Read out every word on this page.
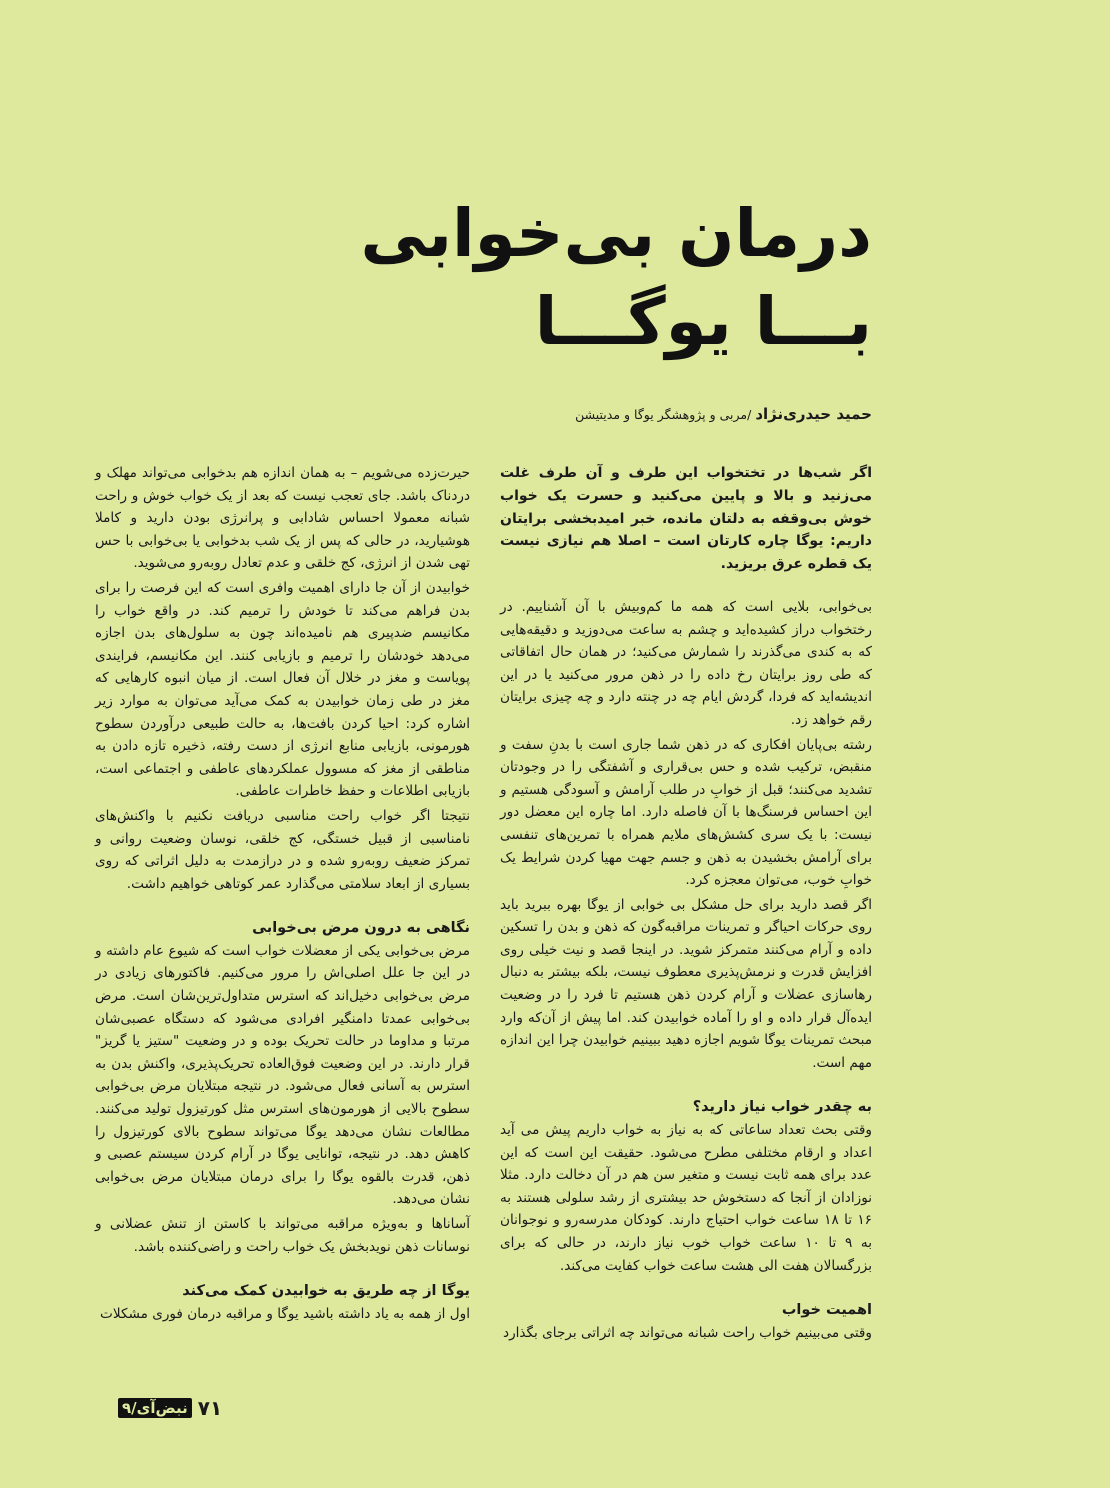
درمان بی‌خوابی
بـــا یوگـــا
حمید حیدری‌نژاد /مربی و پژوهشگر یوگا و مدیتیشن

اگر شب‌ها در تختخواب این طرف و آن طرف غلت می‌زنید و بالا و پایین می‌کنید و حسرت یک خواب خوش بی‌وقفه به دلتان مانده، خبر امیدبخشی برایتان داریم: یوگا چاره کارتان است – اصلا هم نیازی نیست یک قطره عرق بریزید.

بی‌خوابی، بلایی است که همه ما کم‌وبیش با آن آشناییم. در رختخواب دراز کشیده‌اید و چشم به ساعت می‌دوزید و دقیقه‌هایی که به کندی می‌گذرند را شمارش می‌کنید؛ در همان حال اتفاقاتی که طی روز برایتان رخ داده را در ذهن مرور می‌کنید یا در این اندیشه‌اید که فردا، گردش ایام چه در چنته دارد و چه چیزی برایتان رقم خواهد زد.

رشته بی‌پایان افکاری که در ذهن شما جاری است با بدنِ سفت و منقبض، ترکیب شده و حس بی‌قراری و آشفتگی را در وجودتان تشدید می‌کنند؛ قبل از خوابِ در طلب آرامش و آسودگی هستیم و این احساس فرسنگ‌ها با آن فاصله دارد. اما چاره این معضل دور نیست: با یک سری کشش‌های ملایم همراه با تمرین‌های تنفسی برای آرامش بخشیدن به ذهن و جسم جهت مهیا کردن شرایط یک خوابِ خوب، می‌توان معجزه کرد.

اگر قصد دارید برای حل مشکل بی خوابی از یوگا بهره ببرید باید روی حرکات احیاگر و تمرینات مراقبه‌گون که ذهن و بدن را تسکین داده و آرام می‌کنند متمرکز شوید. در اینجا قصد و نیت خیلی روی افزایش قدرت و نرمش‌پذیری معطوف نیست، بلکه بیشتر به دنبال رهاسازی عضلات و آرام کردن ذهن هستیم تا فرد را در وضعیت ایده‌آل قرار داده و او را آماده خوابیدن کند. اما پیش از آن‌که وارد مبحث تمرینات یوگا شویم اجازه دهید ببینیم خوابیدن چرا این اندازه مهم است.

به چقدر خواب نیاز دارید؟

وقتی بحث تعداد ساعاتی که به نیاز به خواب داریم پیش می آید اعداد و ارقام مختلفی مطرح می‌شود. حقیقت این است که این عدد برای همه ثابت نیست و متغیر سن هم در آن دخالت دارد. مثلا نوزادان از آنجا که دستخوش حد بیشتری از رشد سلولی هستند به ۱۶ تا ۱۸ ساعت خواب احتیاج دارند. کودکان مدرسه‌رو و نوجوانان به ۹ تا ۱۰ ساعت خواب خوب نیاز دارند، در حالی که برای بزرگسالان هفت الی هشت ساعت خواب کفایت می‌کند.

اهمیت خواب

وقتی می‌بینیم خواب راحت شبانه می‌تواند چه اثراتی برجای بگذارد

حیرت‌زده می‌شویم – به همان اندازه هم بدخوابی می‌تواند مهلک و دردناک باشد. جای تعجب نیست که بعد از یک خواب خوش و راحت شبانه معمولا احساس شادابی و پرانرژی بودن دارید و کاملا هوشیارید، در حالی که پس از یک شب بدخوابی یا بی‌خوابی با حس تهی شدن از انرژی، کج خلقی و عدم تعادل روبه‌رو می‌شوید.

خوابیدن از آن جا دارای اهمیت وافری است که این فرصت را برای بدن فراهم می‌کند تا خودش را ترمیم کند. در واقع خواب را مکانیسم ضدپیری هم نامیده‌اند چون به سلول‌های بدن اجازه می‌دهد خودشان را ترمیم و بازیابی کنند. این مکانیسم، فرایندی پویاست و مغز در خلال آن فعال است. از میان انبوه کارهایی که مغز در طی زمان خوابیدن به کمک می‌آید می‌توان به موارد زیر اشاره کرد: احیا کردن بافت‌ها، به حالت طبیعی درآوردن سطوح هورمونی، بازیابی منابع انرژی از دست رفته، ذخیره تازه دادن به مناطقی از مغز که مسوول عملکردهای عاطفی و اجتماعی است، بازیابی اطلاعات و حفظ خاطرات عاطفی.

نتیجتا اگر خواب راحت مناسبی دریافت نکنیم با واکنش‌های نامناسبی از قبیل خستگی، کج خلقی، نوسان وضعیت روانی و تمرکز ضعیف روبه‌رو شده و در درازمدت به دلیل اثراتی که روی بسیاری از ابعاد سلامتی می‌گذارد عمر کوتاهی خواهیم داشت.

نگاهی به درون مرض بی‌خوابی

مرض بی‌خوابی یکی از معضلات خواب است که شیوع عام داشته و در این جا علل اصلی‌اش را مرور می‌کنیم. فاکتورهای زیادی در مرض بی‌خوابی دخیل‌اند که استرس متداول‌ترین‌شان است. مرض بی‌خوابی عمدتا دامنگیر افرادی می‌شود که دستگاه عصبی‌شان مرتبا و مداوما در حالت تحریک بوده و در وضعیت "ستیز یا گریز" قرار دارند. در این وضعیت فوق‌العاده تحریک‌پذیری، واکنش بدن به استرس به آسانی فعال می‌شود. در نتیجه مبتلایان مرض بی‌خوابی سطوح بالایی از هورمون‌های استرس مثل کورتیزول تولید می‌کنند. مطالعات نشان می‌دهد یوگا می‌تواند سطوح بالای کورتیزول را کاهش دهد. در نتیجه، توانایی یوگا در آرام کردن سیستم عصبی و ذهن، قدرت بالقوه یوگا را برای درمان مبتلایان مرض بی‌خوابی نشان می‌دهد.

آساناها و به‌ویژه مراقبه می‌تواند با کاستن از تنش عضلانی و نوسانات ذهن نویدبخش یک خواب راحت و راضی‌کننده باشد.

یوگا از چه طریق به خوابیدن کمک می‌کند

اول از همه به یاد داشته باشید یوگا و مراقبه درمان فوری مشکلات

۷۱
نبض‌آی/۹
